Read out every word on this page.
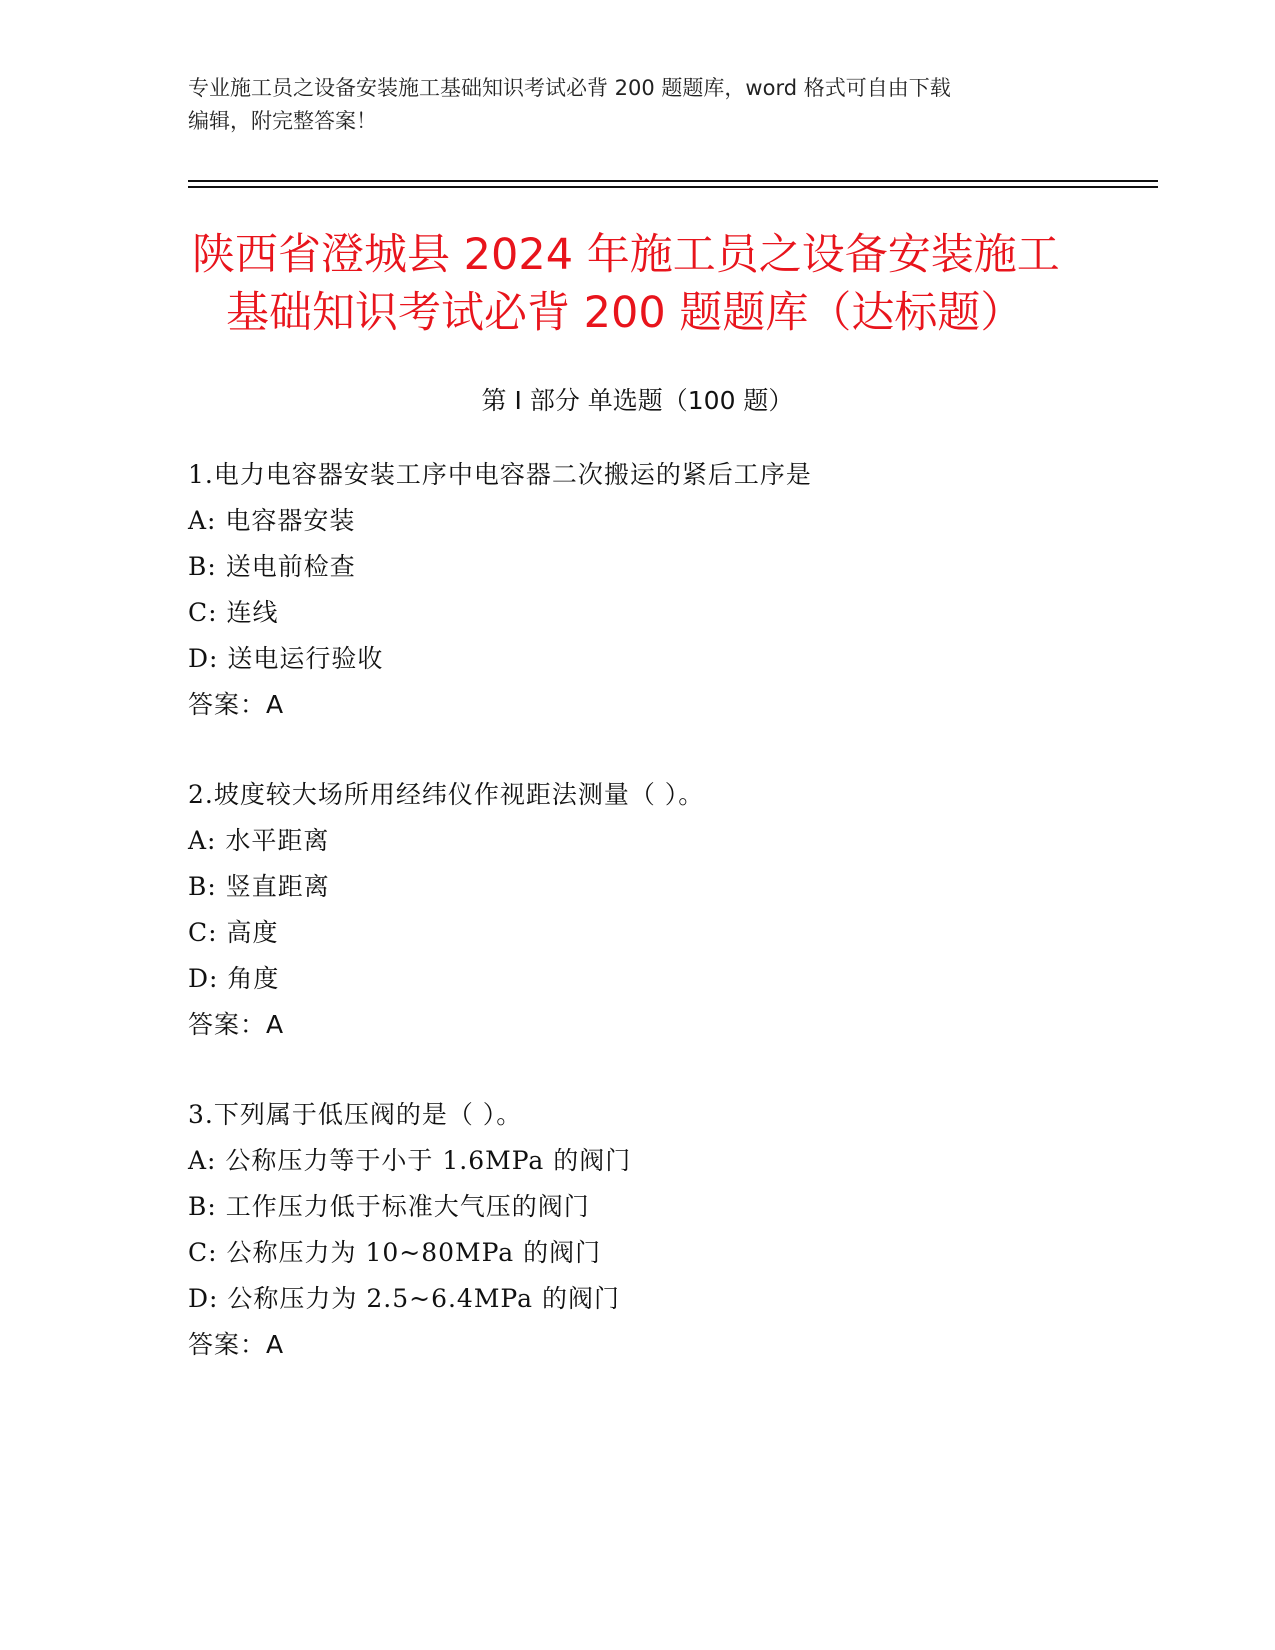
专业施工员之设备安装施工基础知识考试必背 200 题题库，word 格式可自由下载
编辑，附完整答案！
陕西省澄城县 2024 年施工员之设备安装施工
基础知识考试必背 200 题题库（达标题）
第 I 部分 单选题（100 题）
1.电力电容器安装工序中电容器二次搬运的紧后工序是
A: 电容器安装
B: 送电前检查
C: 连线
D: 送电运行验收
答案：A
2.坡度较大场所用经纬仪作视距法测量（ ）。
A: 水平距离
B: 竖直距离
C: 高度
D: 角度
答案：A
3.下列属于低压阀的是（ ）。
A: 公称压力等于小于 1.6MPa 的阀门
B: 工作压力低于标准大气压的阀门
C: 公称压力为 10~80MPa 的阀门
D: 公称压力为 2.5~6.4MPa 的阀门
答案：A
